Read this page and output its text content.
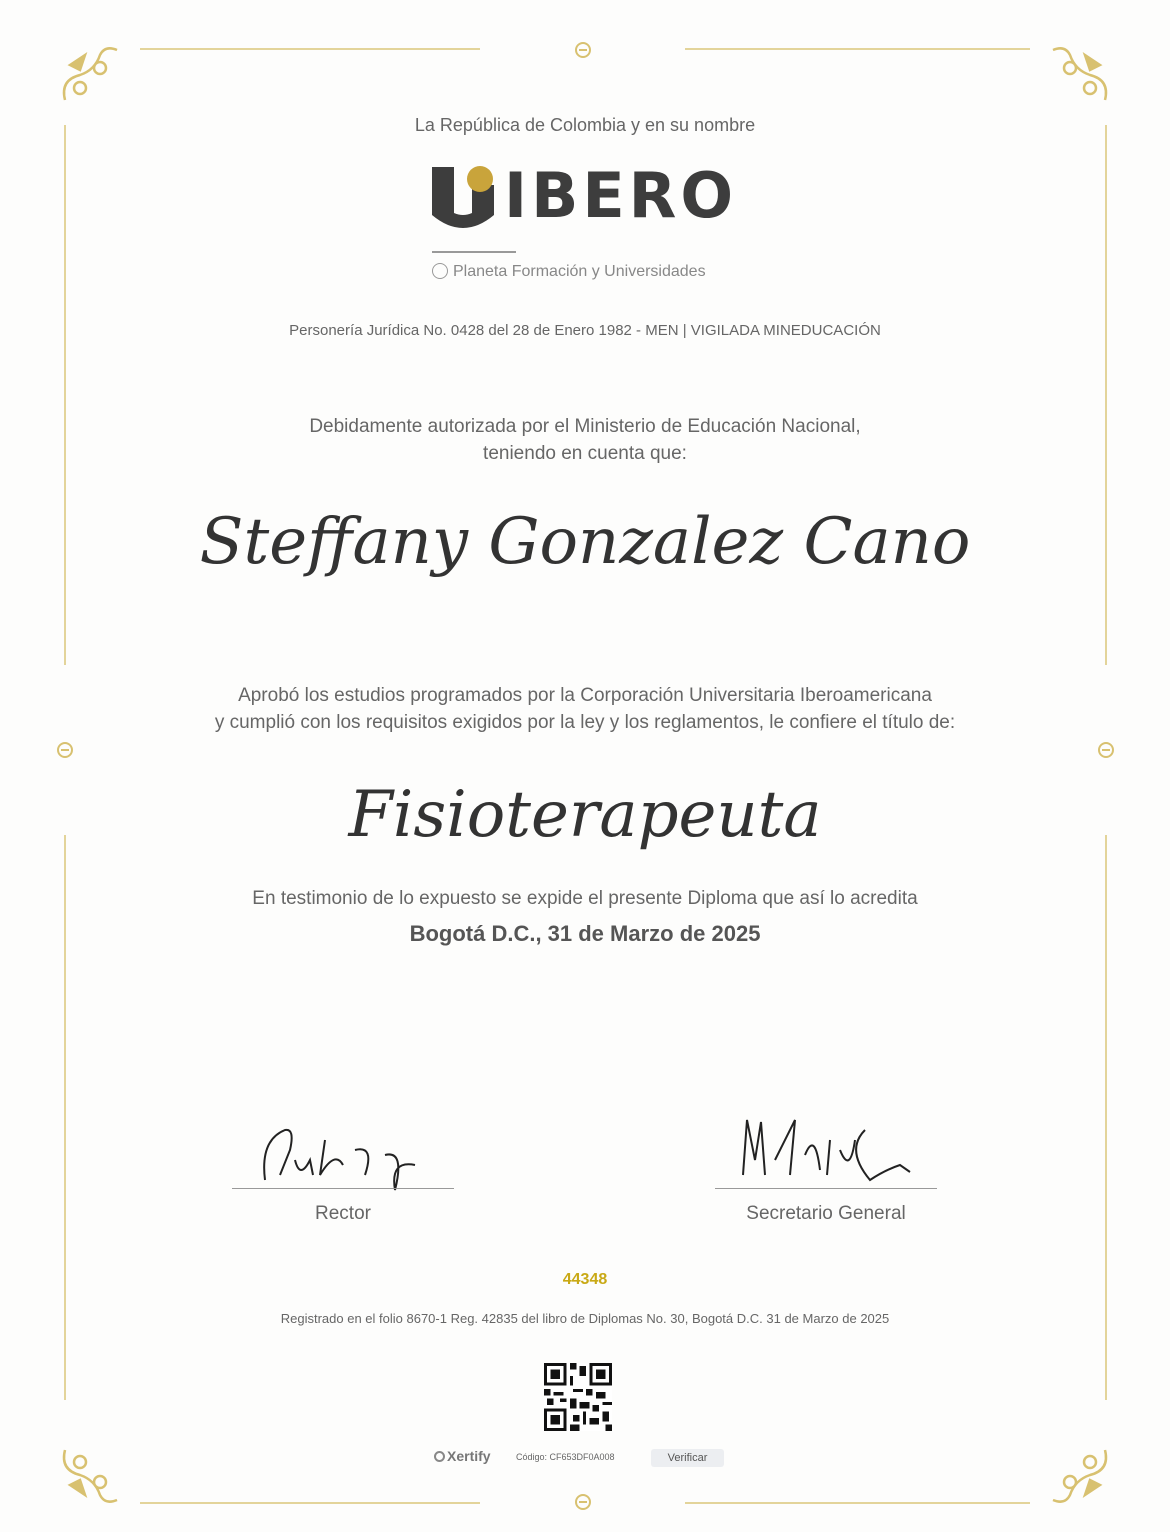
La República de Colombia y en su nombre
IBERO
Planeta Formación y Universidades
Personería Jurídica No. 0428 del 28 de Enero 1982 - MEN | VIGILADA MINEDUCACIÓN
Debidamente autorizada por el Ministerio de Educación Nacional,
teniendo en cuenta que:
Steffany Gonzalez Cano
Aprobó los estudios programados por la Corporación Universitaria Iberoamericana
y cumplió con los requisitos exigidos por la ley y los reglamentos, le confiere el título de:
Fisioterapeuta
En testimonio de lo expuesto se expide el presente Diploma que así lo acredita
Bogotá D.C., 31 de Marzo de 2025
Rector	Secretario General
44348
Registrado en el folio 8670-1 Reg. 42835 del libro de Diplomas No. 30, Bogotá D.C. 31 de Marzo de 2025
Xertify	Código: CF653DF0A008	Verificar
